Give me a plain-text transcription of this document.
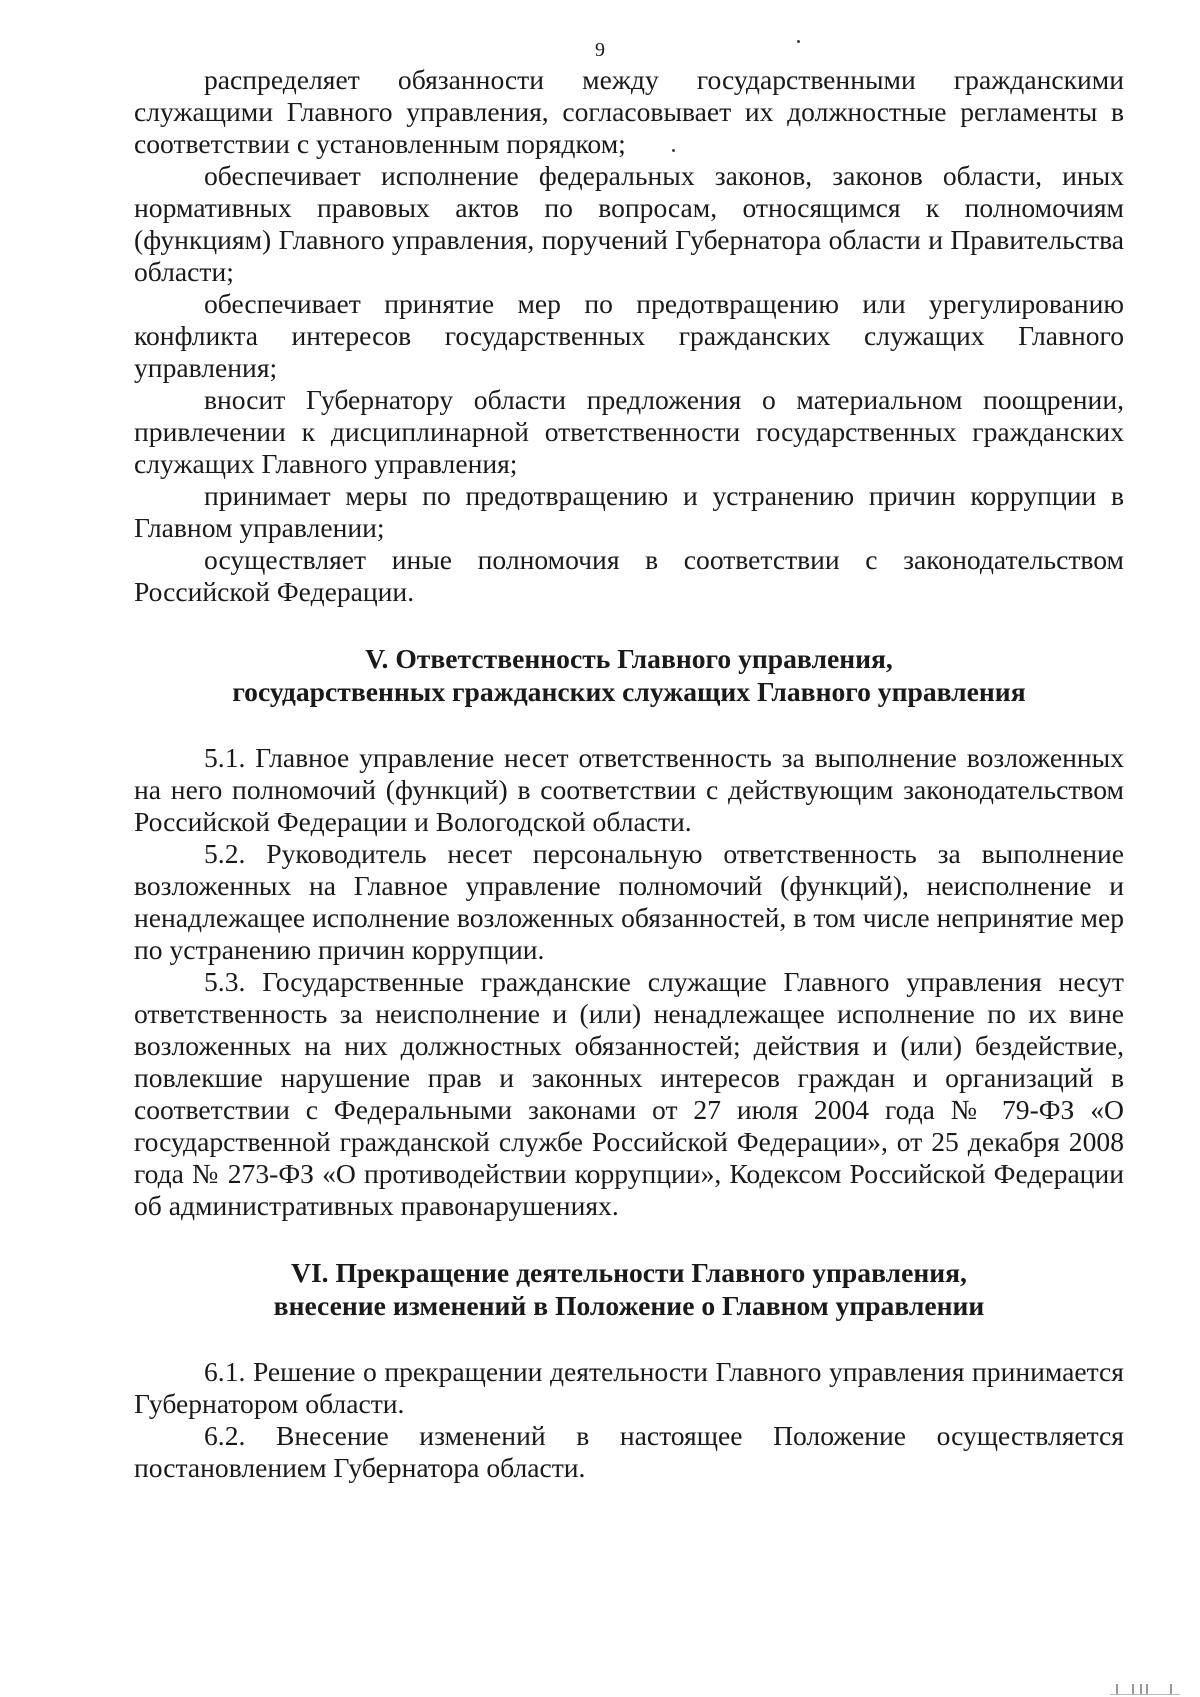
9

распределяет обязанности между государственными гражданскими служащими Главного управления, согласовывает их должностные регламенты в соответствии с установленным порядком;

обеспечивает исполнение федеральных законов, законов области, иных нормативных правовых актов по вопросам, относящимся к полномочиям (функциям) Главного управления, поручений Губернатора области и Правительства области;

обеспечивает принятие мер по предотвращению или урегулированию конфликта интересов государственных гражданских служащих Главного управления;

вносит Губернатору области предложения о материальном поощрении, привлечении к дисциплинарной ответственности государственных гражданских служащих Главного управления;

принимает меры по предотвращению и устранению причин коррупции в Главном управлении;

осуществляет иные полномочия в соответствии с законодательством Российской Федерации.

V. Ответственность Главного управления,
государственных гражданских служащих Главного управления

5.1. Главное управление несет ответственность за выполнение возложенных на него полномочий (функций) в соответствии с действующим законодательством Российской Федерации и Вологодской области.

5.2. Руководитель несет персональную ответственность за выполнение возложенных на Главное управление полномочий (функций), неисполнение и ненадлежащее исполнение возложенных обязанностей, в том числе непринятие мер по устранению причин коррупции.

5.3. Государственные гражданские служащие Главного управления несут ответственность за неисполнение и (или) ненадлежащее исполнение по их вине возложенных на них должностных обязанностей; действия и (или) бездействие, повлекшие нарушение прав и законных интересов граждан и организаций в соответствии с Федеральными законами от 27 июля 2004 года № 79-ФЗ «О государственной гражданской службе Российской Федерации», от 25 декабря 2008 года № 273-ФЗ «О противодействии коррупции», Кодексом Российской Федерации об административных правонарушениях.

VI. Прекращение деятельности Главного управления,
внесение изменений в Положение о Главном управлении

6.1. Решение о прекращении деятельности Главного управления принимается Губернатором области.

6.2. Внесение изменений в настоящее Положение осуществляется постановлением Губернатора области.
